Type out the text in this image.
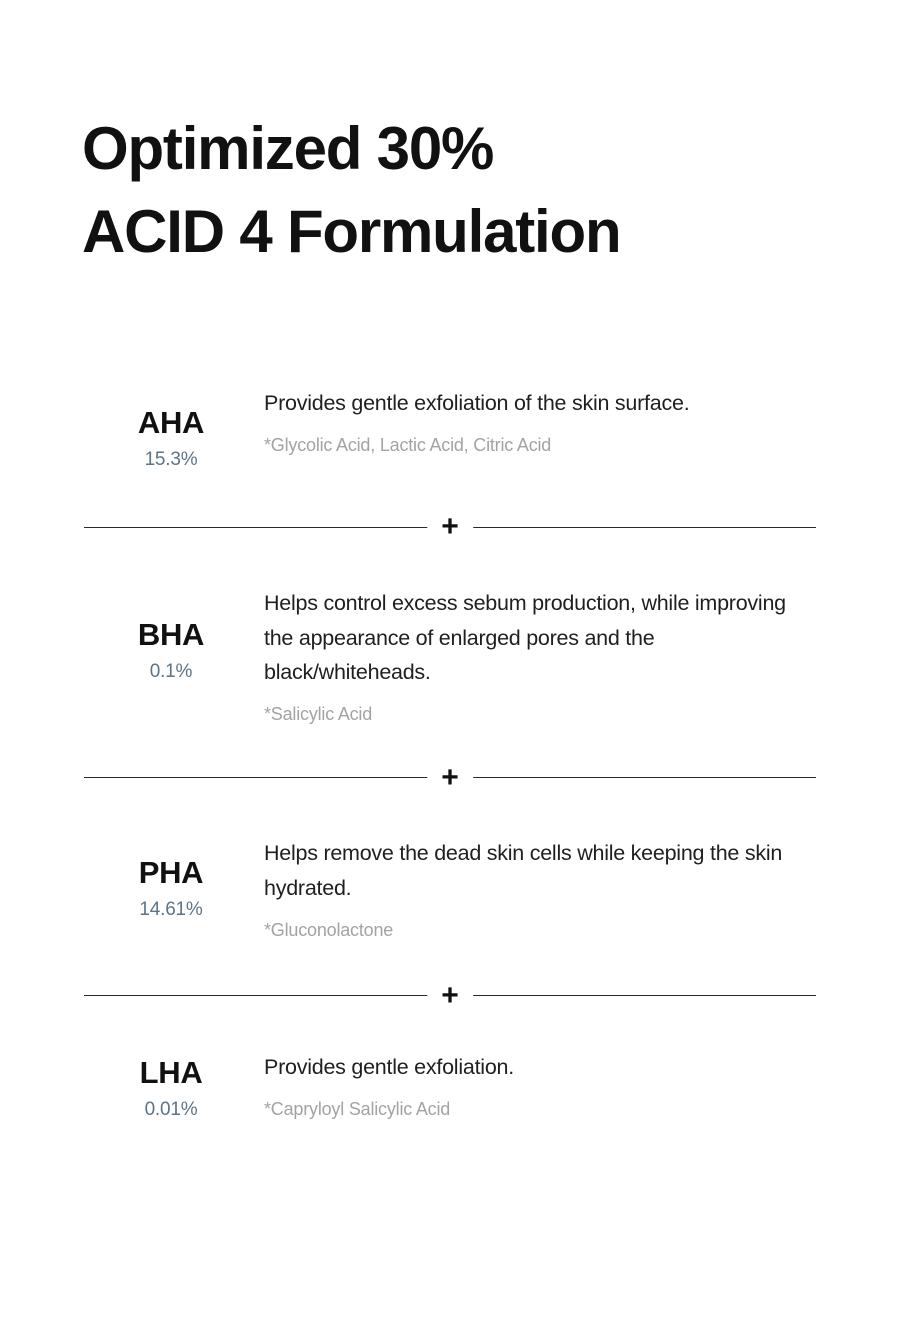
Optimized 30%
ACID 4 Formulation
AHA
15.3%
Provides gentle exfoliation of the skin surface.
*Glycolic Acid, Lactic Acid, Citric Acid
+
BHA
0.1%
Helps control excess sebum production, while improving the appearance of enlarged pores and the black/whiteheads.
*Salicylic Acid
+
PHA
14.61%
Helps remove the dead skin cells while keeping the skin hydrated.
*Gluconolactone
+
LHA
0.01%
Provides gentle exfoliation.
*Capryloyl Salicylic Acid
